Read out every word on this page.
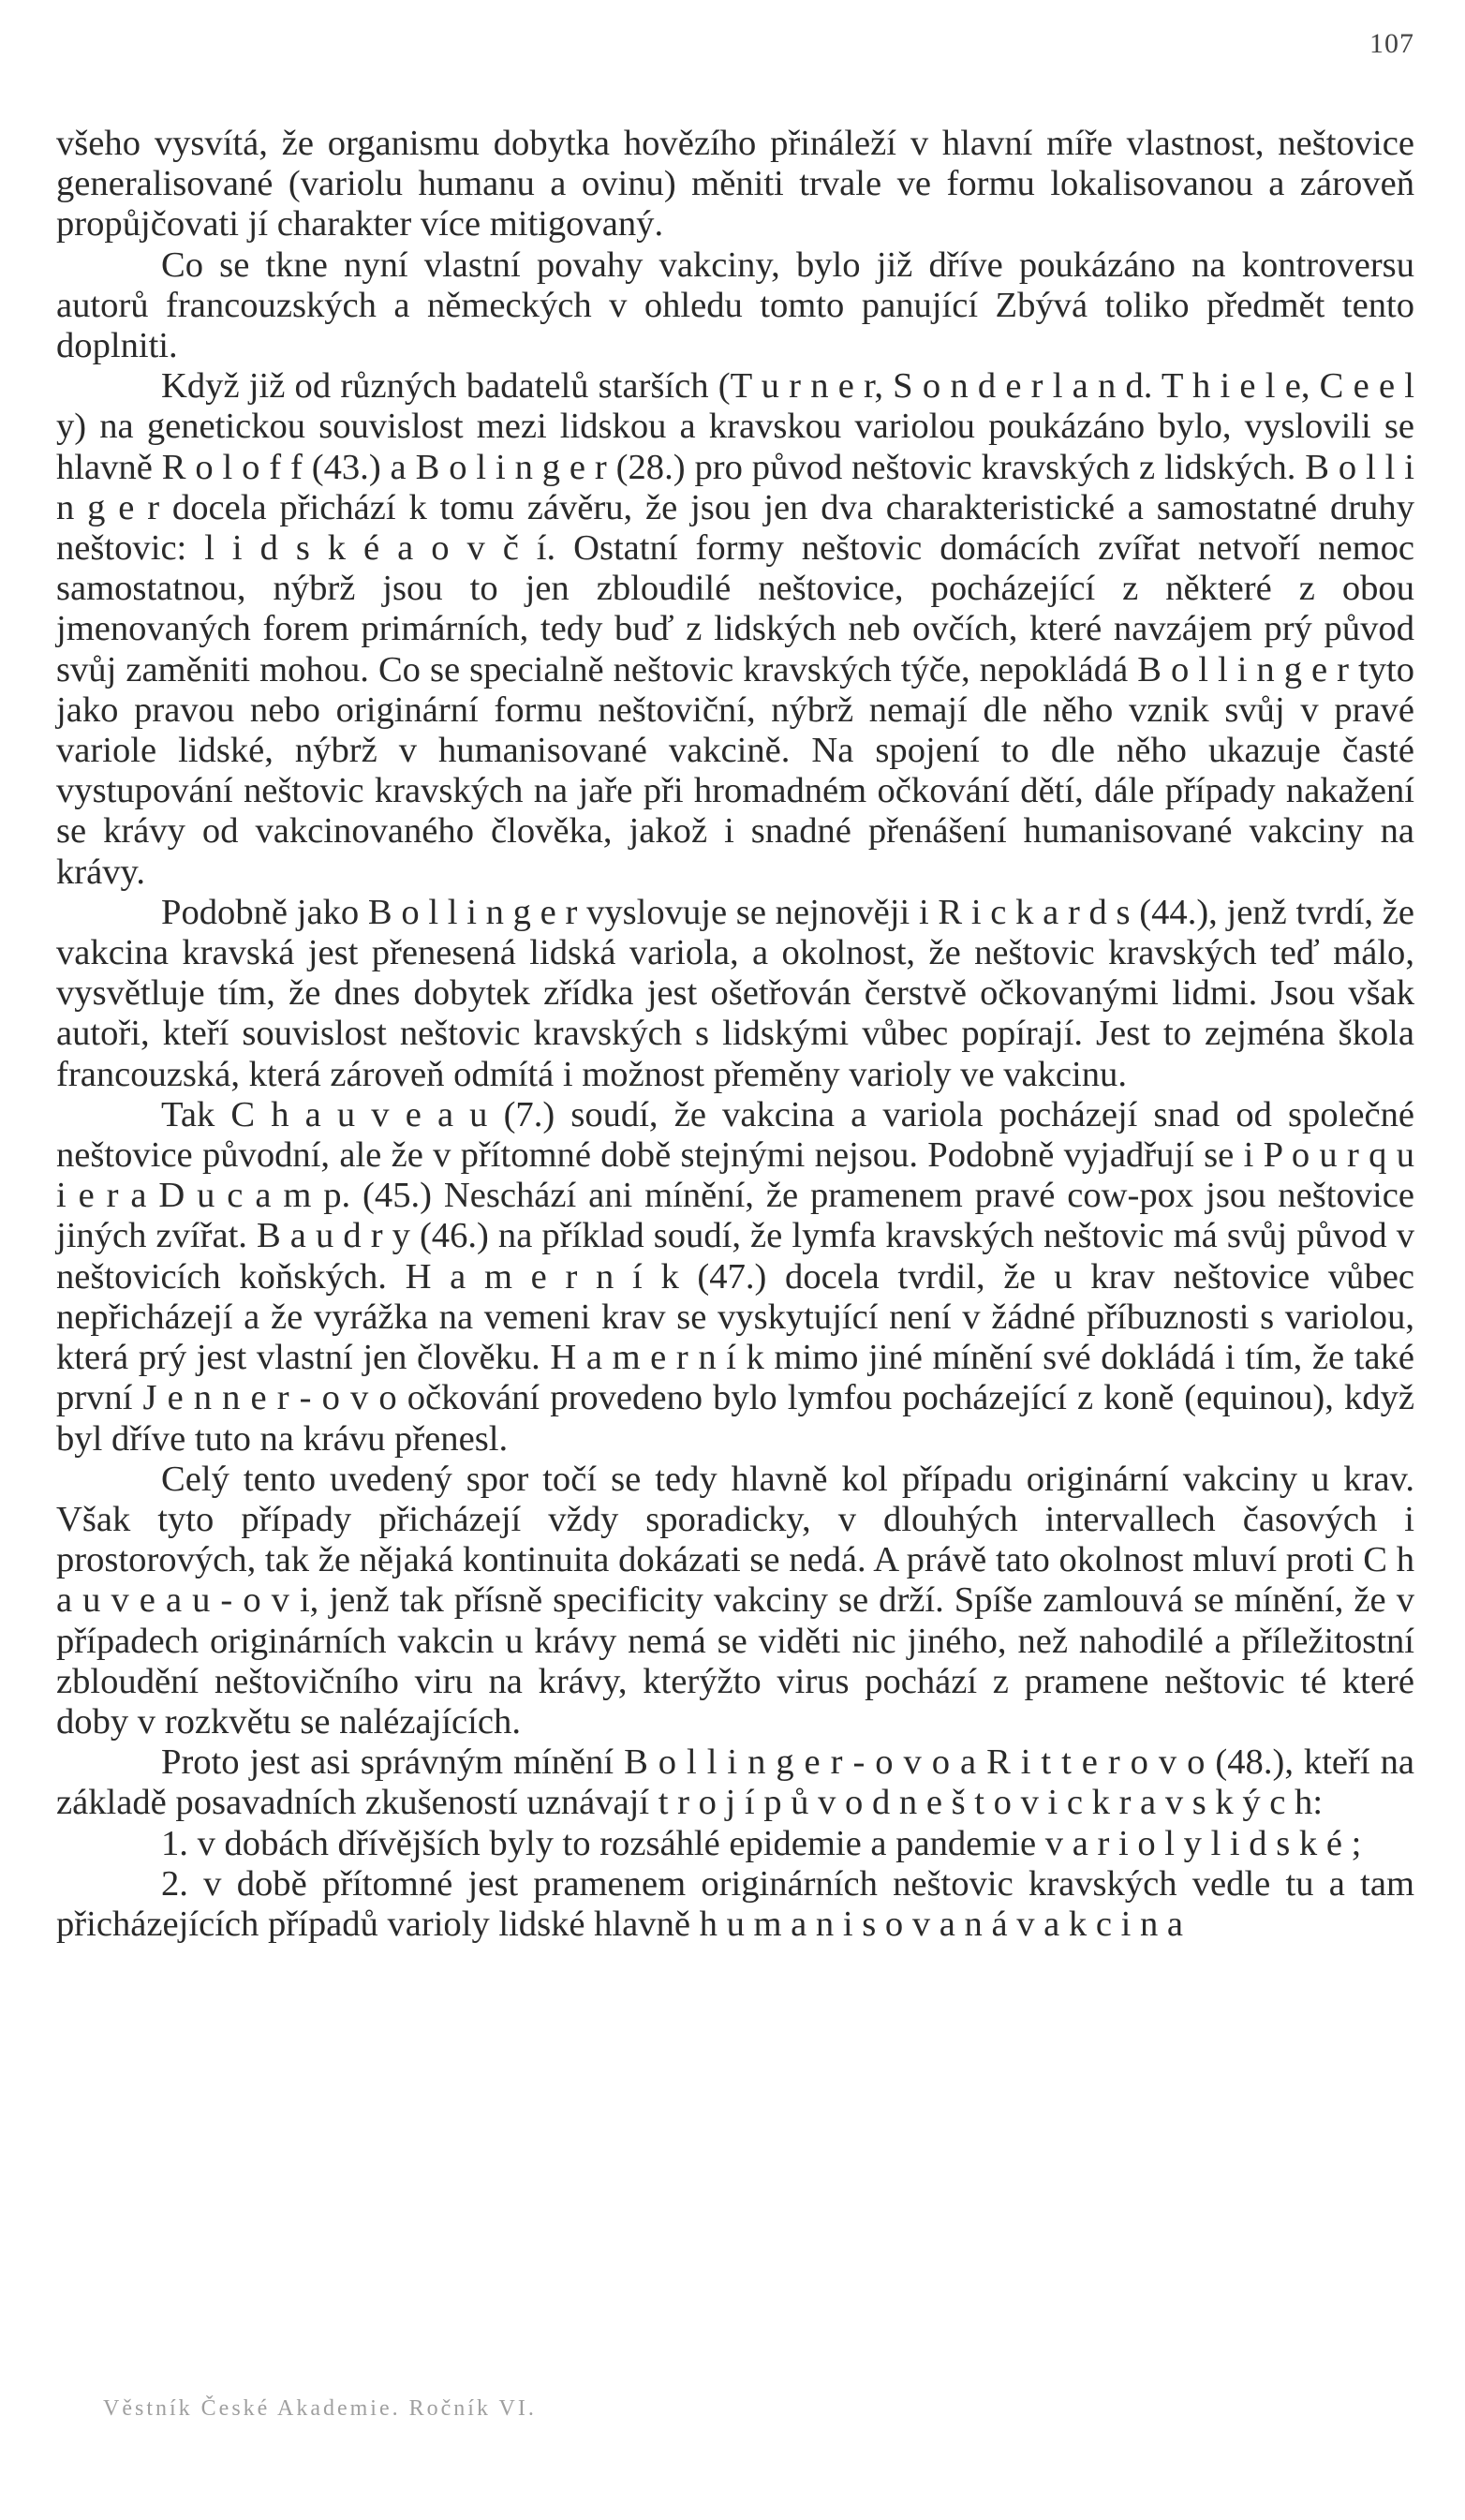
107

všeho vysvítá, že organismu dobytka hovězího přináleží v hlavní míře vlastnost, neštovice generalisované (variolu humanu a ovinu) měniti trvale ve formu lokalisovanou a zároveň propůjčovati jí charakter více mitigovaný.

Co se tkne nyní vlastní povahy vakciny, bylo již dříve poukázáno na kontroversu autorů francouzských a německých v ohledu tomto panující Zbývá toliko předmět tento doplniti.

Když již od různých badatelů starších (T u r n e r, S o n d e r l a n d. T h i e l e, C e e l y) na genetickou souvislost mezi lidskou a kravskou variolou poukázáno bylo, vyslovili se hlavně R o l o f f (43.) a B o l i n g e r (28.) pro původ neštovic kravských z lidských. B o l l i n g e r docela přichází k tomu závěru, že jsou jen dva charakteristické a samostatné druhy neštovic: l i d s k é a o v č í. Ostatní formy neštovic domácích zvířat netvoří nemoc samostatnou, nýbrž jsou to jen zbloudilé neštovice, pocházející z některé z obou jmenovaných forem primárních, tedy buď z lidských neb ovčích, které navzájem prý původ svůj zaměniti mohou. Co se specialně neštovic kravských týče, nepokládá B o l l i n g e r tyto jako pravou nebo originární formu neštoviční, nýbrž nemají dle něho vznik svůj v pravé variole lidské, nýbrž v humanisované vakcině. Na spojení to dle něho ukazuje časté vystupování neštovic kravských na jaře při hromadném očkování dětí, dále případy nakažení se krávy od vakcinovaného člověka, jakož i snadné přenášení humanisované vakciny na krávy.

Podobně jako B o l l i n g e r vyslovuje se nejnověji i R i c k a r d s (44.), jenž tvrdí, že vakcina kravská jest přenesená lidská variola, a okolnost, že neštovic kravských teď málo, vysvětluje tím, že dnes dobytek zřídka jest ošetřován čerstvě očkovanými lidmi. Jsou však autoři, kteří souvislost neštovic kravských s lidskými vůbec popírají. Jest to zejména škola francouzská, která zároveň odmítá i možnost přeměny varioly ve vakcinu.

Tak C h a u v e a u (7.) soudí, že vakcina a variola pocházejí snad od společné neštovice původní, ale že v přítomné době stejnými nejsou. Podobně vyjadřují se i P o u r q u i e r a D u c a m p. (45.) Neschází ani mínění, že pramenem pravé cow-pox jsou neštovice jiných zvířat. B a u d r y (46.) na příklad soudí, že lymfa kravských neštovic má svůj původ v neštovicích koňských. H a m e r n í k (47.) docela tvrdil, že u krav neštovice vůbec nepřicházejí a že vyrážka na vemeni krav se vyskytující není v žádné příbuznosti s variolou, která prý jest vlastní jen člověku. H a m e r n í k mimo jiné mínění své dokládá i tím, že také první J e n n e r - o v o očkování provedeno bylo lymfou pocházející z koně (equinou), když byl dříve tuto na krávu přenesl.

Celý tento uvedený spor točí se tedy hlavně kol případu originární vakciny u krav. Však tyto případy přicházejí vždy sporadicky, v dlouhých intervallech časových i prostorových, tak že nějaká kontinuita dokázati se nedá. A právě tato okolnost mluví proti C h a u v e a u - o v i, jenž tak přísně specificity vakciny se drží. Spíše zamlouvá se mínění, že v případech originárních vakcin u krávy nemá se viděti nic jiného, než nahodilé a příležitostní zbloudění neštovičního viru na krávy, kterýžto virus pochází z pramene neštovic té které doby v rozkvětu se nalézajících.

Proto jest asi správným mínění B o l l i n g e r - o v o a R i t t e r o v o (48.), kteří na základě posavadních zkušeností uznávají t r o j í p ů v o d n e š t o v i c k r a v s k ý c h:

1. v dobách dřívějších byly to rozsáhlé epidemie a pandemie v a r i o l y l i d s k é ;

2. v době přítomné jest pramenem originárních neštovic kravských vedle tu a tam přicházejících případů varioly lidské hlavně h u m a n i s o v a n á v a k c i n a

Věstník České Akademie. Ročník VI.
